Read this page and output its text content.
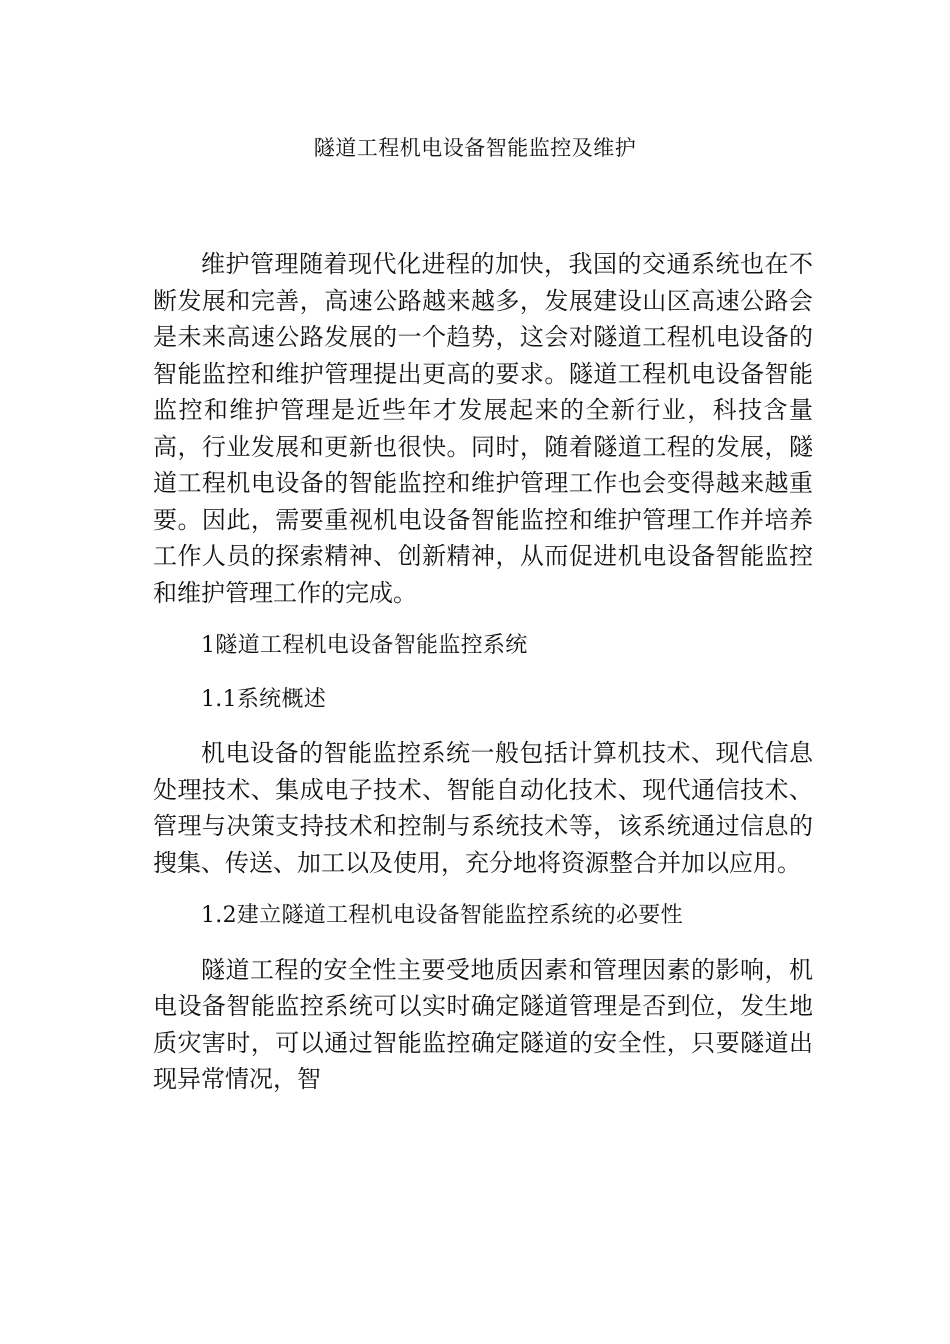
隧道工程机电设备智能监控及维护

维护管理随着现代化进程的加快，我国的交通系统也在不断发展和完善，高速公路越来越多，发展建设山区高速公路会是未来高速公路发展的一个趋势，这会对隧道工程机电设备的智能监控和维护管理提出更高的要求。隧道工程机电设备智能监控和维护管理是近些年才发展起来的全新行业，科技含量高，行业发展和更新也很快。同时，随着隧道工程的发展，隧道工程机电设备的智能监控和维护管理工作也会变得越来越重要。因此，需要重视机电设备智能监控和维护管理工作并培养工作人员的探索精神、创新精神，从而促进机电设备智能监控和维护管理工作的完成。

1隧道工程机电设备智能监控系统

1.1系统概述

机电设备的智能监控系统一般包括计算机技术、现代信息处理技术、集成电子技术、智能自动化技术、现代通信技术、管理与决策支持技术和控制与系统技术等，该系统通过信息的搜集、传送、加工以及使用，充分地将资源整合并加以应用。

1.2建立隧道工程机电设备智能监控系统的必要性

隧道工程的安全性主要受地质因素和管理因素的影响，机电设备智能监控系统可以实时确定隧道管理是否到位，发生地质灾害时，可以通过智能监控确定隧道的安全性，只要隧道出现异常情况，智
